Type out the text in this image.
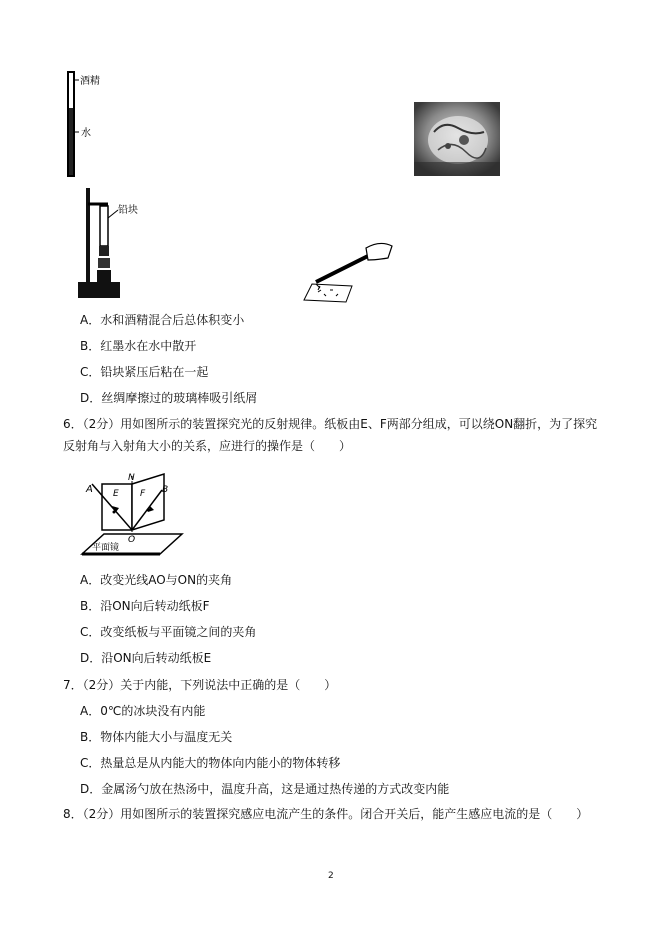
酒精
水
铅块
A．水和酒精混合后总体积变小
B．红墨水在水中散开
C．铅块紧压后粘在一起
D．丝绸摩擦过的玻璃棒吸引纸屑
6．（2分）用如图所示的装置探究光的反射规律。纸板由E、F两部分组成，可以绕ON翻折，为了探究反射角与入射角大小的关系，应进行的操作是（　　）
A
N
E F B
O
平面镜
A．改变光线AO与ON的夹角
B．沿ON向后转动纸板F
C．改变纸板与平面镜之间的夹角
D．沿ON向后转动纸板E
7．（2分）关于内能，下列说法中正确的是（　　）
A．0℃的冰块没有内能
B．物体内能大小与温度无关
C．热量总是从内能大的物体向内能小的物体转移
D．金属汤勺放在热汤中，温度升高，这是通过热传递的方式改变内能
8．（2分）用如图所示的装置探究感应电流产生的条件。闭合开关后，能产生感应电流的是（　　）
2
